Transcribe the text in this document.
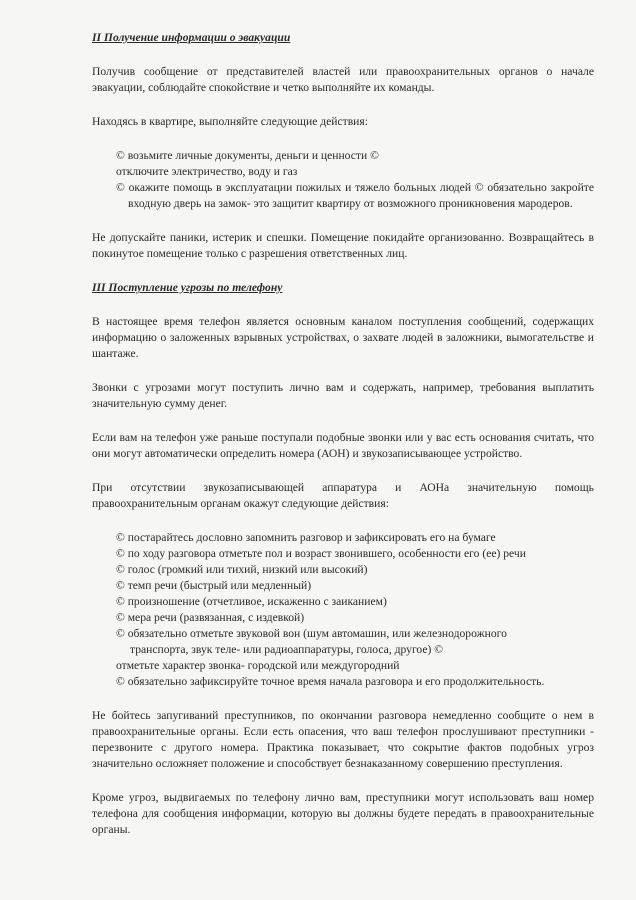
II Получение информации о эвакуации

Получив сообщение от представителей властей или правоохранительных органов о начале эвакуации, соблюдайте спокойствие и четко выполняйте их команды.

Находясь в квартире, выполняйте следующие действия:

© возьмите личные документы, деньги и ценности ©

отключите электричество, воду и газ

© окажите помощь в эксплуатации пожилых и тяжело больных людей © обязательно закройте входную дверь на замок- это защитит квартиру от возможного проникновения мародеров.

Не допускайте паники, истерик и спешки. Помещение покидайте организованно. Возвращайтесь в покинутое помещение только с разрешения ответственных лиц.

III Поступление угрозы по телефону

В настоящее время телефон является основным каналом поступления сообщений, содержащих информацию о заложенных взрывных устройствах, о захвате людей в заложники, вымогательстве и шантаже.

Звонки с угрозами могут поступить лично вам и содержать, например, требования выплатить значительную сумму денег.

Если вам на телефон уже раньше поступали подобные звонки или у вас есть основания считать, что они могут автоматически определить номера (АОН) и звукозаписывающее устройство.

При отсутствии звукозаписывающей аппаратура и АОНа значительную помощь

правоохранительным органам окажут следующие действия:

© постарайтесь дословно запомнить разговор и зафиксировать его на бумаге

© по ходу разговора отметьте пол и возраст звонившего, особенности его (ее) речи

© голос (громкий или тихий, низкий или высокий)

© темп речи (быстрый или медленный)

© произношение (отчетливое, искаженно с заиканием)

© мера речи (развязанная, с издевкой)

© обязательно отметьте звуковой вон (шум автомашин, или железнодорожного транспорта, звук теле- или радиоаппаратуры, голоса, другое) ©

отметьте характер звонка- городской или междугородний

© обязательно зафиксируйте точное время начала разговора и его продолжительность.

Не бойтесь запугиваний преступников, по окончании разговора немедленно сообщите о нем в правоохранительные органы. Если есть опасения, что ваш телефон прослушивают преступники - перезвоните с другого номера. Практика показывает, что сокрытие фактов подобных угроз значительно осложняет положение и способствует безнаказанному совершению преступления.

Кроме угроз, выдвигаемых по телефону лично вам, преступники могут использовать ваш номер телефона для сообщения информации, которую вы должны будете передать в правоохранительные органы.
